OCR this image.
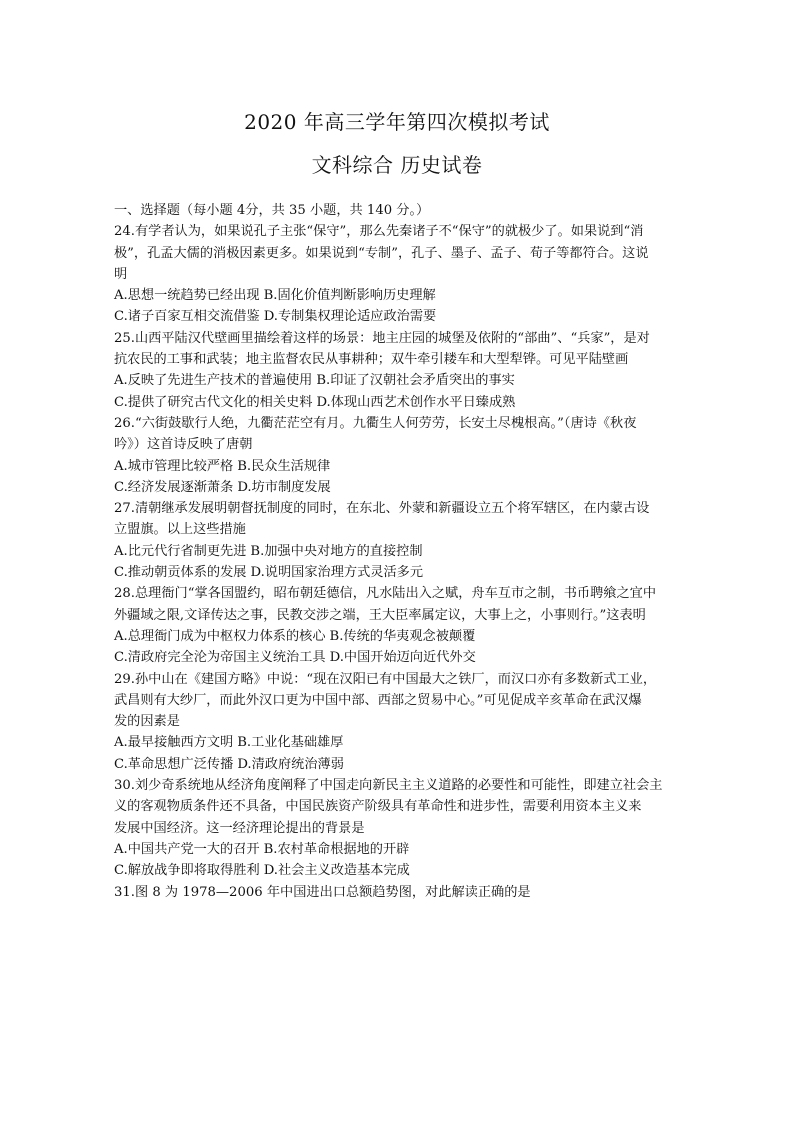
2020 年高三学年第四次模拟考试
文科综合 历史试卷
一、选择题（每小题 4分，共 35 小题，共 140 分。）
24.有学者认为，如果说孔子主张“保守”，那么先秦诸子不“保守”的就极少了。如果说到“消
极”，孔孟大儒的消极因素更多。如果说到“专制”，孔子、墨子、孟子、荀子等都符合。这说
明
A.思想一统趋势已经出现 B.固化价值判断影响历史理解
C.诸子百家互相交流借鉴 D.专制集权理论适应政治需要
25.山西平陆汉代壁画里描绘着这样的场景：地主庄园的城堡及依附的“部曲”、“兵家”，是对
抗农民的工事和武装；地主监督农民从事耕种；双牛牵引耧车和大型犁铧。可见平陆壁画
A.反映了先进生产技术的普遍使用 B.印证了汉朝社会矛盾突出的事实
C.提供了研究古代文化的相关史料 D.体现山西艺术创作水平日臻成熟
26.“六街鼓歇行人绝，九衢茫茫空有月。九衢生人何劳劳，长安土尽槐根高。”（唐诗《秋夜
吟》）这首诗反映了唐朝
A.城市管理比较严格 B.民众生活规律
C.经济发展逐渐萧条 D.坊市制度发展
27.清朝继承发展明朝督抚制度的同时，在东北、外蒙和新疆设立五个将军辖区，在内蒙古设
立盟旗。以上这些措施
A.比元代行省制更先进 B.加强中央对地方的直接控制
C.推动朝贡体系的发展 D.说明国家治理方式灵活多元
28.总理衙门“掌各国盟约，昭布朝廷德信，凡水陆出入之赋，舟车互市之制，书币聘飨之宜中
外疆域之限,文译传达之事，民教交涉之端，王大臣率属定议，大事上之，小事则行。”这表明
A.总理衙门成为中枢权力体系的核心 B.传统的华夷观念被颠覆
C.清政府完全沦为帝国主义统治工具 D.中国开始迈向近代外交
29.孙中山在《建国方略》中说：“现在汉阳已有中国最大之铁厂，而汉口亦有多数新式工业，
武昌则有大纱厂，而此外汉口更为中国中部、西部之贸易中心。”可见促成辛亥革命在武汉爆
发的因素是
A.最早接触西方文明 B.工业化基础雄厚
C.革命思想广泛传播 D.清政府统治薄弱
30.刘少奇系统地从经济角度阐释了中国走向新民主主义道路的必要性和可能性，即建立社会主
义的客观物质条件还不具备，中国民族资产阶级具有革命性和进步性，需要利用资本主义来
发展中国经济。这一经济理论提出的背景是
A.中国共产党一大的召开 B.农村革命根据地的开辟
C.解放战争即将取得胜利 D.社会主义改造基本完成
31.图 8 为 1978—2006 年中国进出口总额趋势图，对此解读正确的是
